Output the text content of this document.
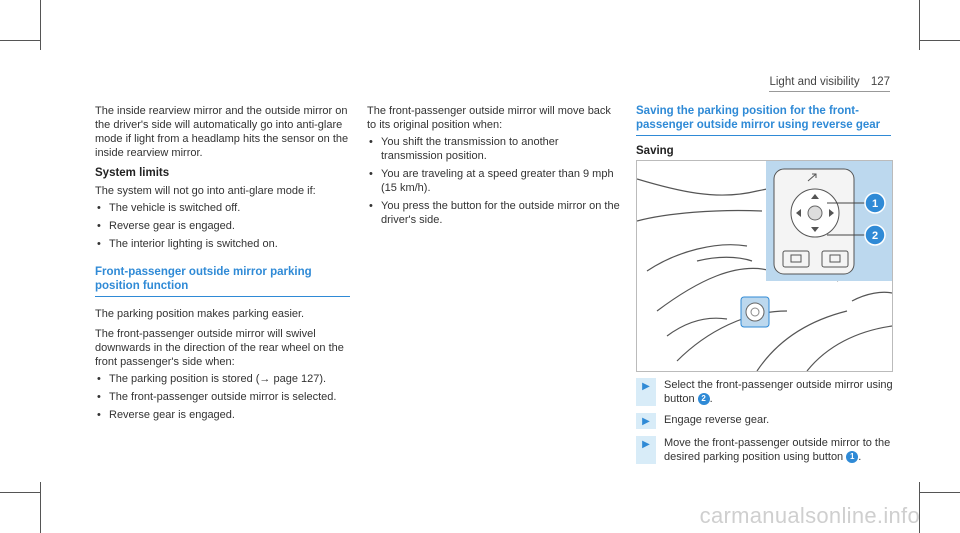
Light and visibility 127

The inside rearview mirror and the outside mirror on the driver's side will automatically go into anti-glare mode if light from a headlamp hits the sensor on the inside rearview mirror.

System limits

The system will not go into anti-glare mode if:

• The vehicle is switched off.
• Reverse gear is engaged.
• The interior lighting is switched on.
Front-passenger outside mirror parking position function

The parking position makes parking easier.

The front-passenger outside mirror will swivel downwards in the direction of the rear wheel on the front passenger's side when:

• The parking position is stored (→ page 127).
• The front-passenger outside mirror is selected.
• Reverse gear is engaged.

The front-passenger outside mirror will move back to its original position when:

• You shift the transmission to another transmission position.
• You are traveling at a speed greater than 9 mph (15 km/h).
• You press the button for the outside mirror on the driver's side.
Saving the parking position for the front-passenger outside mirror using reverse gear
Saving
1
2
▶	Select the front-passenger outside mirror using button 2 .
▶	Engage reverse gear.
▶	Move the front-passenger outside mirror to the desired parking position using button 1 .
carmanualsonline.info
